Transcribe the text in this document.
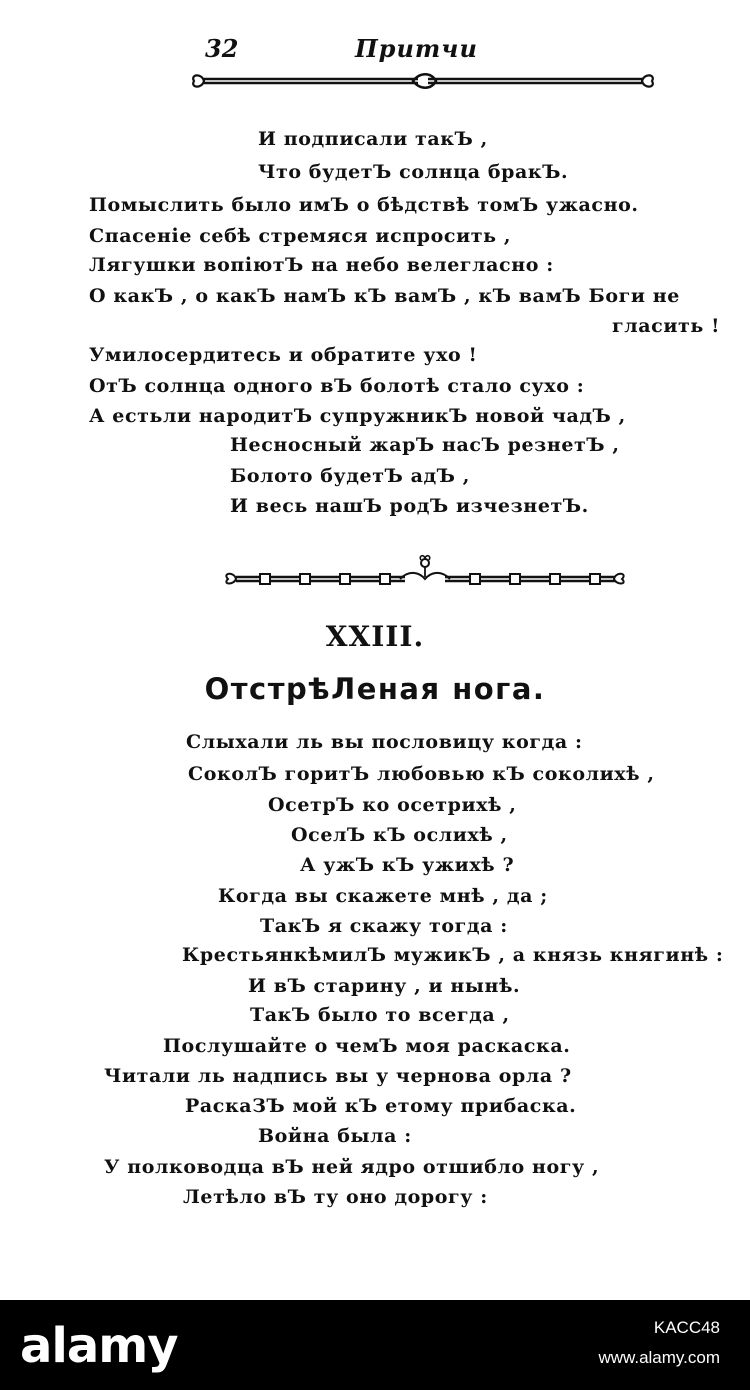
32	Притчи
И подписали такЪ ,
Что будетЪ солнца бракЪ.
Помыслить было имЪ о бѣдствѣ томЪ ужасно.
Спасеніе себѣ стремяся испросить ,
Лягушки вопіютЪ на небо велегласно :
О какЪ , о какЪ намЪ кЪ вамЪ , кЪ вамЪ Боги не
гласить !
Умилосердитесь и обратите ухо !
ОтЪ солнца одного вЪ болотѣ стало сухо :
А естьли народитЪ супружникЪ новой чадЪ ,
Несносный жарЪ насЪ резнетЪ ,
Болото будетЪ адЪ ,
И весь нашЪ родЪ изчезнетЪ.
XXIII.
ОтстрѣЛеная нога.
Слыхали ль вы пословицу когда :
СоколЪ горитЪ любовью кЪ соколихѣ ,
ОсетрЪ ко осетрихѣ ,
ОселЪ кЪ ослихѣ ,
А ужЪ кЪ ужихѣ ?
Когда вы скажете мнѣ , да ;
ТакЪ я скажу тогда :
КрестьянкѣмилЪ мужикЪ , а князь княгинѣ :
И вЪ старину , и нынѣ.
ТакЪ было то всегда ,
Послушайте о чемЪ моя раскаска.
Читали ль надпись вы у чернова орла ?
РаскаЗЪ мой кЪ етому прибаска.
Война была :
У полководца вЪ ней ядро отшибло ногу ,
Летѣло вЪ ту оно дорогу :
alamy	KACC48
www.alamy.com
